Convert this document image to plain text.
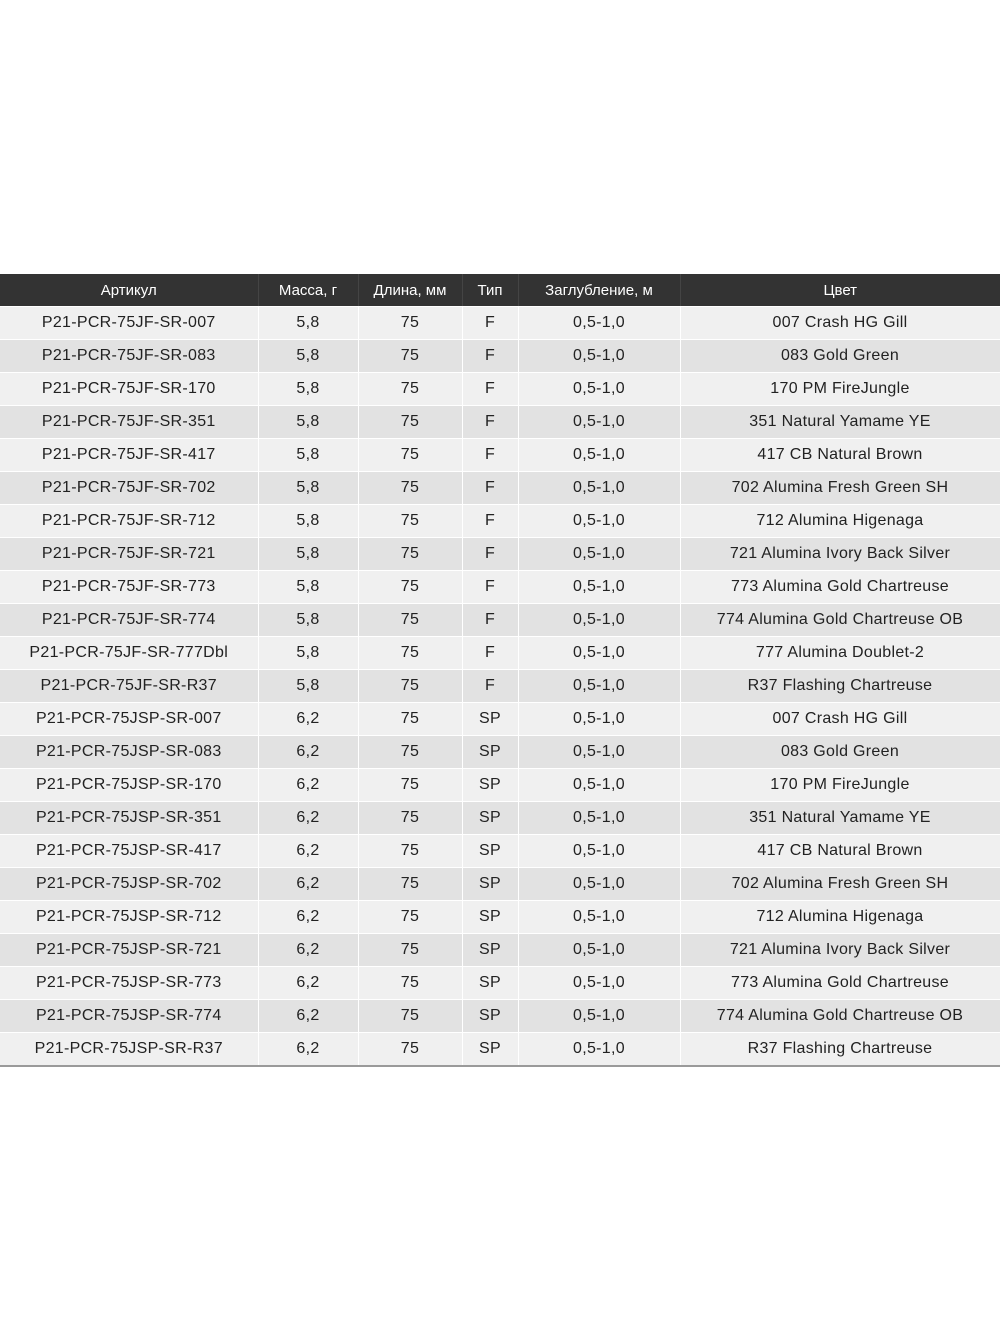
Артикул	Масса, г	Длина, мм	Тип	Заглубление, м	Цвет
P21-PCR-75JF-SR-007	5,8	75	F	0,5-1,0	007 Crash HG Gill
P21-PCR-75JF-SR-083	5,8	75	F	0,5-1,0	083 Gold Green
P21-PCR-75JF-SR-170	5,8	75	F	0,5-1,0	170 PM FireJungle
P21-PCR-75JF-SR-351	5,8	75	F	0,5-1,0	351 Natural Yamame YE
P21-PCR-75JF-SR-417	5,8	75	F	0,5-1,0	417 CB Natural Brown
P21-PCR-75JF-SR-702	5,8	75	F	0,5-1,0	702 Alumina Fresh Green SH
P21-PCR-75JF-SR-712	5,8	75	F	0,5-1,0	712 Alumina Higenaga
P21-PCR-75JF-SR-721	5,8	75	F	0,5-1,0	721 Alumina Ivory Back Silver
P21-PCR-75JF-SR-773	5,8	75	F	0,5-1,0	773 Alumina Gold Chartreuse
P21-PCR-75JF-SR-774	5,8	75	F	0,5-1,0	774 Alumina Gold Chartreuse OB
P21-PCR-75JF-SR-777Dbl	5,8	75	F	0,5-1,0	777 Alumina Doublet-2
P21-PCR-75JF-SR-R37	5,8	75	F	0,5-1,0	R37 Flashing Chartreuse
P21-PCR-75JSP-SR-007	6,2	75	SP	0,5-1,0	007 Crash HG Gill
P21-PCR-75JSP-SR-083	6,2	75	SP	0,5-1,0	083 Gold Green
P21-PCR-75JSP-SR-170	6,2	75	SP	0,5-1,0	170 PM FireJungle
P21-PCR-75JSP-SR-351	6,2	75	SP	0,5-1,0	351 Natural Yamame YE
P21-PCR-75JSP-SR-417	6,2	75	SP	0,5-1,0	417 CB Natural Brown
P21-PCR-75JSP-SR-702	6,2	75	SP	0,5-1,0	702 Alumina Fresh Green SH
P21-PCR-75JSP-SR-712	6,2	75	SP	0,5-1,0	712 Alumina Higenaga
P21-PCR-75JSP-SR-721	6,2	75	SP	0,5-1,0	721 Alumina Ivory Back Silver
P21-PCR-75JSP-SR-773	6,2	75	SP	0,5-1,0	773 Alumina Gold Chartreuse
P21-PCR-75JSP-SR-774	6,2	75	SP	0,5-1,0	774 Alumina Gold Chartreuse OB
P21-PCR-75JSP-SR-R37	6,2	75	SP	0,5-1,0	R37 Flashing Chartreuse
